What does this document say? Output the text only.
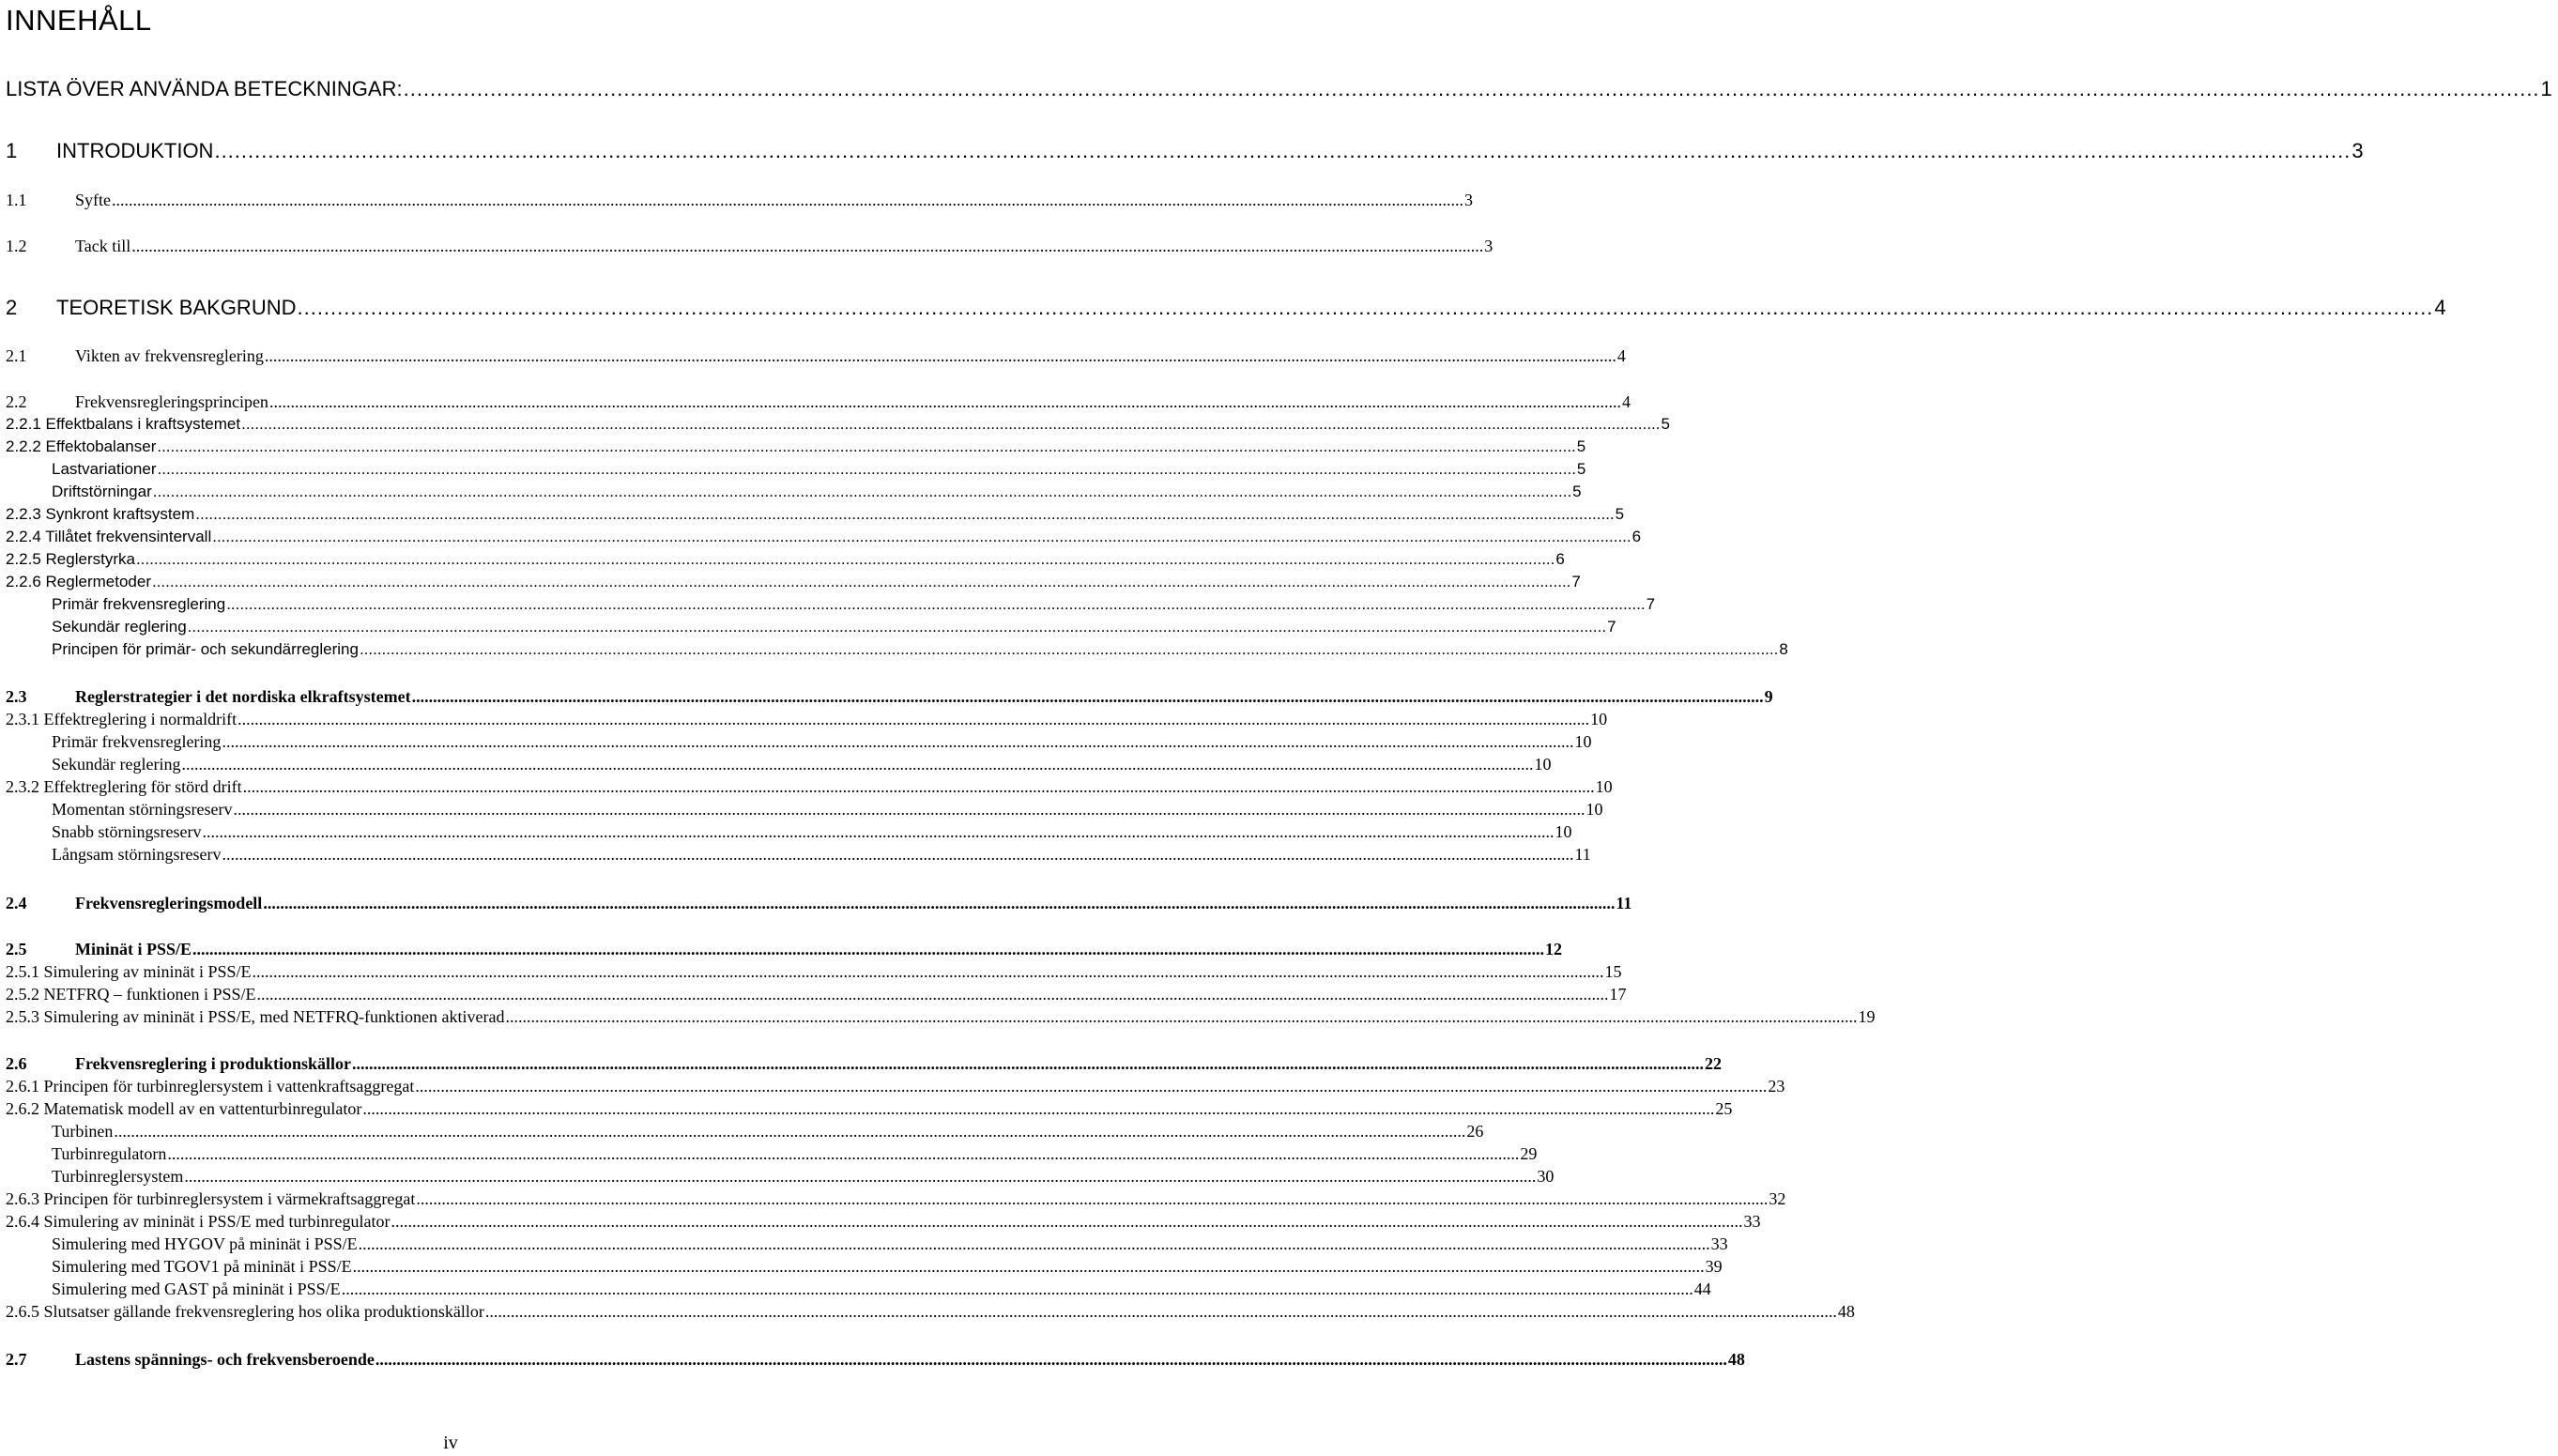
INNEHÅLL
LISTA ÖVER ANVÄNDA BETECKNINGAR: .....	1
1	INTRODUKTION .....	3
1.1	Syfte .....	3
1.2	Tack till .....	3
2	TEORETISK BAKGRUND .....	4
2.1	Vikten av frekvensreglering .....	4
2.2	Frekvensregleringsprincipen .....	4
2.2.1 Effektbalans i kraftsystemet .....	5
2.2.2 Effektobalanser .....	5
Lastvariationer .....	5
Driftstörningar .....	5
2.2.3 Synkront kraftsystem .....	5
2.2.4 Tillåtet frekvensintervall .....	6
2.2.5 Reglerstyrka .....	6
2.2.6 Reglermetoder .....	7
Primär frekvensreglering .....	7
Sekundär reglering .....	7
Principen för primär- och sekundärreglering .....	8
2.3	Reglerstrategier i det nordiska elkraftsystemet .....	9
2.3.1 Effektreglering i normaldrift .....	10
Primär frekvensreglering .....	10
Sekundär reglering .....	10
2.3.2 Effektreglering för störd drift .....	10
Momentan störningsreserv .....	10
Snabb störningsreserv .....	10
Långsam störningsreserv .....	11
2.4	Frekvensregleringsmodell .....	11
2.5	Mininät i PSS/E .....	12
2.5.1 Simulering av mininät i PSS/E .....	15
2.5.2 NETFRQ – funktionen i PSS/E .....	17
2.5.3 Simulering av mininät i PSS/E, med NETFRQ-funktionen aktiverad .....	19
2.6	Frekvensreglering i produktionskällor .....	22
2.6.1 Principen för turbinreglersystem i vattenkraftsaggregat .....	23
2.6.2 Matematisk modell av en vattenturbinregulator .....	25
Turbinen .....	26
Turbinregulatorn .....	29
Turbinreglersystem .....	30
2.6.3 Principen för turbinreglersystem i värmekraftsaggregat .....	32
2.6.4 Simulering av mininät i PSS/E med turbinregulator .....	33
Simulering med HYGOV på mininät i PSS/E .....	33
Simulering med TGOV1 på mininät i PSS/E .....	39
Simulering med GAST på mininät i PSS/E .....	44
2.6.5 Slutsatser gällande frekvensreglering hos olika produktionskällor .....	48
2.7	Lastens spännings- och frekvensberoende .....	48
iv
